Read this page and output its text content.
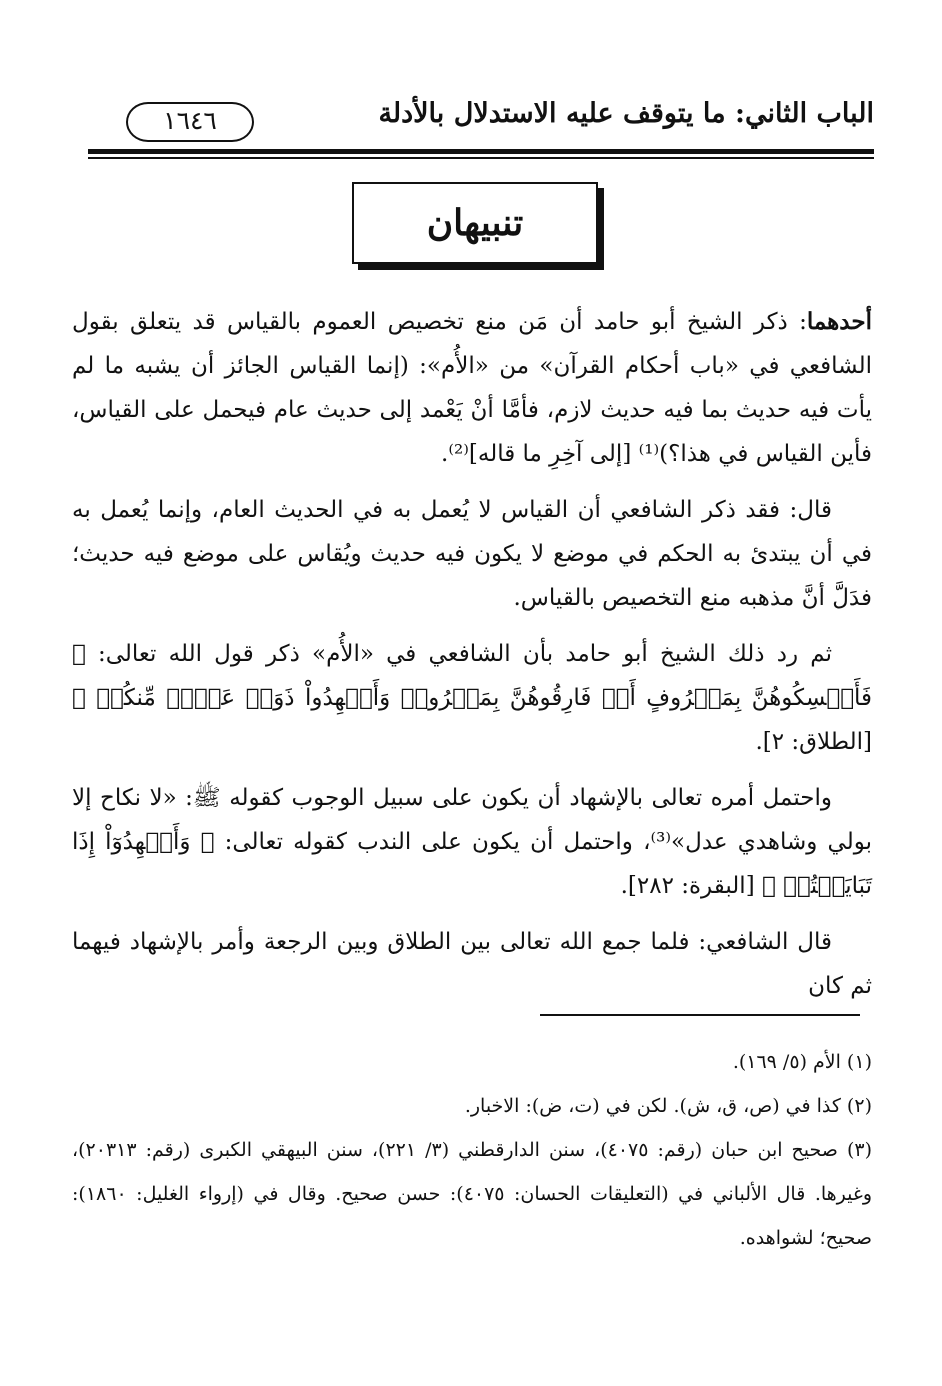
الباب الثاني: ما يتوقف عليه الاستدلال بالأدلة
١٦٤٦
تنبيهان

أحدهما: ذكر الشيخ أبو حامد أن مَن منع تخصيص العموم بالقياس قد يتعلق بقول الشافعي في «باب أحكام القرآن» من «الأُم»: (إنما القياس الجائز أن يشبه ما لم يأت فيه حديث بما فيه حديث لازم، فأمَّا أنْ يَعْمد إلى حديث عام فيحمل على القياس، فأين القياس في هذا؟)⁽¹⁾ [إلى آخِرِ ما قاله]⁽²⁾.

قال: فقد ذكر الشافعي أن القياس لا يُعمل به في الحديث العام، وإنما يُعمل به في أن يبتدئ به الحكم في موضع لا يكون فيه حديث ويُقاس على موضع فيه حديث؛ فدَلَّ أنَّ مذهبه منع التخصيص بالقياس.

ثم رد ذلك الشيخ أبو حامد بأن الشافعي في «الأُم» ذكر قول الله تعالى: ﴿ فَأَمۡسِكُوهُنَّ بِمَعۡرُوفٍ أَوۡ فَارِقُوهُنَّ بِمَعۡرُوفٖ وَأَشۡهِدُواْ ذَوَيۡ عَدۡلٖ مِّنكُمۡ ﴾ [الطلاق: ٢].

واحتمل أمره تعالى بالإشهاد أن يكون على سبيل الوجوب كقوله ﷺ: «لا نكاح إلا بولي وشاهدي عدل»⁽³⁾، واحتمل أن يكون على الندب كقوله تعالى: ﴿ وَأَشۡهِدُوٓاْ إِذَا تَبَايَعۡتُمۡ ﴾ [البقرة: ٢٨٢].

قال الشافعي: فلما جمع الله تعالى بين الطلاق وبين الرجعة وأمر بالإشهاد فيهما ثم كان

(١) الأم (٥/ ١٦٩).

(٢) كذا في (ص، ق، ش). لكن في (ت، ض): الاخبار.

(٣) صحيح ابن حبان (رقم: ٤٠٧٥)، سنن الدارقطني (٣/ ٢٢١)، سنن البيهقي الكبرى (رقم: ٢٠٣١٣)، وغيرها. قال الألباني في (التعليقات الحسان: ٤٠٧٥): حسن صحيح. وقال في (إرواء الغليل: ١٨٦٠): صحيح؛ لشواهده.
